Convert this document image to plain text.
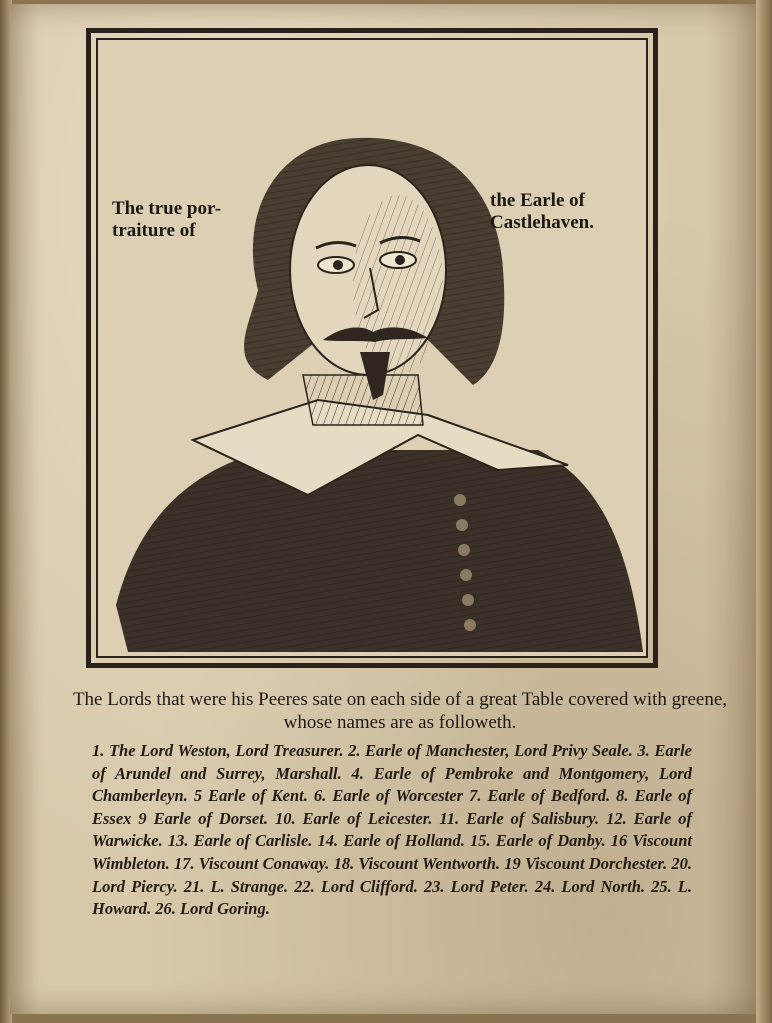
The true por-traiture of
the Earle of Castlehaven.
The Lords that were his Peeres sate on each side of a great Table covered with greene, whose names are as followeth.
1. The Lord Weston, Lord Treasurer. 2. Earle of Manchester, Lord Privy Seale. 3. Earle of Arundel and Surrey, Marshall. 4. Earle of Pembroke and Montgomery, Lord Chamberleyn. 5 Earle of Kent. 6. Earle of Worcester 7. Earle of Bedford. 8. Earle of Essex 9 Earle of Dorset. 10. Earle of Leicester. 11. Earle of Salisbury. 12. Earle of Warwicke. 13. Earle of Carlisle. 14. Earle of Holland. 15. Earle of Danby. 16 Viscount Wimbleton. 17. Viscount Conaway. 18. Viscount Wentworth. 19 Viscount Dorchester. 20. Lord Piercy. 21. L. Strange. 22. Lord Clifford. 23. Lord Peter. 24. Lord North. 25. L. Howard. 26. Lord Goring.
